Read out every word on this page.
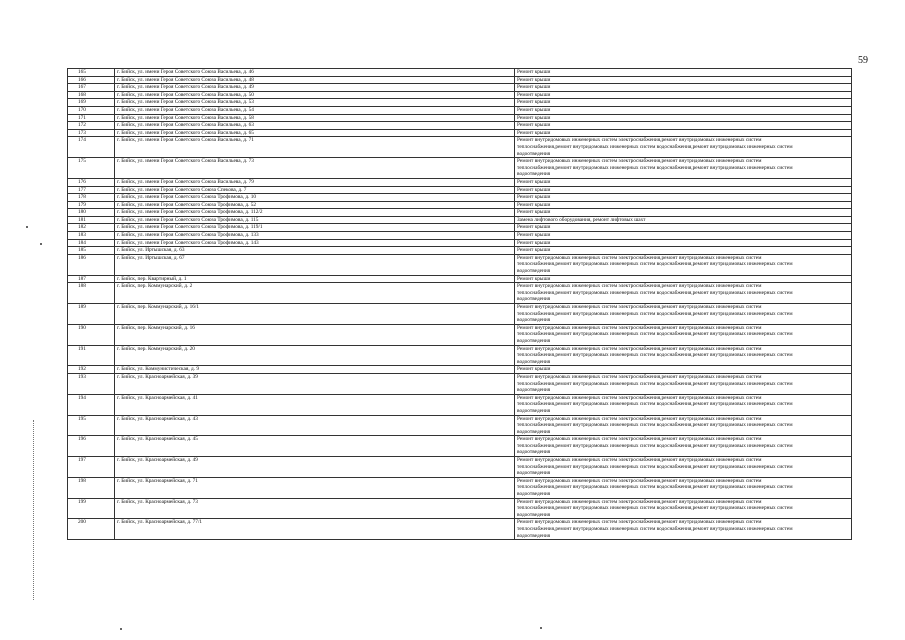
59
165	г. Бийск, ул. имени Героя Советского Союза Васильева, д. 46	Ремонт крыши

166	г. Бийск, ул. имени Героя Советского Союза Васильева, д. 48	Ремонт крыши

167	г. Бийск, ул. имени Героя Советского Союза Васильева, д. 49	Ремонт крыши

168	г. Бийск, ул. имени Героя Советского Союза Васильева, д. 50	Ремонт крыши

169	г. Бийск, ул. имени Героя Советского Союза Васильева, д. 53	Ремонт крыши

170	г. Бийск, ул. имени Героя Советского Союза Васильева, д. 54	Ремонт крыши

171	г. Бийск, ул. имени Героя Советского Союза Васильева, д. 58	Ремонт крыши

172	г. Бийск, ул. имени Героя Советского Союза Васильева, д. 63	Ремонт крыши

173	г. Бийск, ул. имени Героя Советского Союза Васильева, д. 65	Ремонт крыши

174	г. Бийск, ул. имени Героя Советского Союза Васильева, д. 71	Ремонт внутридомовых инженерных систем электроснабжения,ремонт внутридомовых инженерных систем
теплоснабжения,ремонт внутридомовых инженерных систем водоснабжения,ремонт внутридомовых инженерных систем
водоотведения

175	г. Бийск, ул. имени Героя Советского Союза Васильева, д. 73	Ремонт внутридомовых инженерных систем электроснабжения,ремонт внутридомовых инженерных систем
теплоснабжения,ремонт внутридомовых инженерных систем водоснабжения,ремонт внутридомовых инженерных систем
водоотведения

176	г. Бийск, ул. имени Героя Советского Союза Васильева, д. 79	Ремонт крыши

177	г. Бийск, ул. имени Героя Советского Союза Спекова, д. 7	Ремонт крыши

178	г. Бийск, ул. имени Героя Советского Союза Трофимова, д. 10	Ремонт крыши

179	г. Бийск, ул. имени Героя Советского Союза Трофимова, д. 52	Ремонт крыши

180	г. Бийск, ул. имени Героя Советского Союза Трофимова, д. 112/2	Ремонт крыши

181	г. Бийск, ул. имени Героя Советского Союза Трофимова, д. 115	Замена лифтового оборудования, ремонт лифтовых шахт

182	г. Бийск, ул. имени Героя Советского Союза Трофимова, д. 119/1	Ремонт крыши

183	г. Бийск, ул. имени Героя Советского Союза Трофимова, д. 133	Ремонт крыши

184	г. Бийск, ул. имени Героя Советского Союза Трофимова, д. 143	Ремонт крыши

185	г. Бийск, ул. Иртышская, д. 63	Ремонт крыши

186	г. Бийск, ул. Иртышская, д. 67	Ремонт внутридомовых инженерных систем электроснабжения,ремонт внутридомовых инженерных систем
теплоснабжения,ремонт внутридомовых инженерных систем водоснабжения,ремонт внутридомовых инженерных систем
водоотведения

187	г. Бийск, пер. Квартирный, д. 1	Ремонт крыши

188	г. Бийск, пер. Коммунарский, д. 2	Ремонт внутридомовых инженерных систем электроснабжения,ремонт внутридомовых инженерных систем
теплоснабжения,ремонт внутридомовых инженерных систем водоснабжения,ремонт внутридомовых инженерных систем
водоотведения

189	г. Бийск, пер. Коммунарский, д. 16/1	Ремонт внутридомовых инженерных систем электроснабжения,ремонт внутридомовых инженерных систем
теплоснабжения,ремонт внутридомовых инженерных систем водоснабжения,ремонт внутридомовых инженерных систем
водоотведения

190	г. Бийск, пер. Коммунарский, д. 16	Ремонт внутридомовых инженерных систем электроснабжения,ремонт внутридомовых инженерных систем
теплоснабжения,ремонт внутридомовых инженерных систем водоснабжения,ремонт внутридомовых инженерных систем
водоотведения

191	г. Бийск, пер. Коммунарский, д. 20	Ремонт внутридомовых инженерных систем электроснабжения,ремонт внутридомовых инженерных систем
теплоснабжения,ремонт внутридомовых инженерных систем водоснабжения,ремонт внутридомовых инженерных систем
водоотведения

192	г. Бийск, ул. Коммунистическая, д. 9	Ремонт крыши

193	г. Бийск, ул. Красноармейская, д. 39	Ремонт внутридомовых инженерных систем электроснабжения,ремонт внутридомовых инженерных систем
теплоснабжения,ремонт внутридомовых инженерных систем водоснабжения,ремонт внутридомовых инженерных систем
водоотведения

194	г. Бийск, ул. Красноармейская, д. 41	Ремонт внутридомовых инженерных систем электроснабжения,ремонт внутридомовых инженерных систем
теплоснабжения,ремонт внутридомовых инженерных систем водоснабжения,ремонт внутридомовых инженерных систем
водоотведения

195	г. Бийск, ул. Красноармейская, д. 43	Ремонт внутридомовых инженерных систем электроснабжения,ремонт внутридомовых инженерных систем
теплоснабжения,ремонт внутридомовых инженерных систем водоснабжения,ремонт внутридомовых инженерных систем
водоотведения

196	г. Бийск, ул. Красноармейская, д. 45	Ремонт внутридомовых инженерных систем электроснабжения,ремонт внутридомовых инженерных систем
теплоснабжения,ремонт внутридомовых инженерных систем водоснабжения,ремонт внутридомовых инженерных систем
водоотведения

197	г. Бийск, ул. Красноармейская, д. 49	Ремонт внутридомовых инженерных систем электроснабжения,ремонт внутридомовых инженерных систем
теплоснабжения,ремонт внутридомовых инженерных систем водоснабжения,ремонт внутридомовых инженерных систем
водоотведения

198	г. Бийск, ул. Красноармейская, д. 71	Ремонт внутридомовых инженерных систем электроснабжения,ремонт внутридомовых инженерных систем
теплоснабжения,ремонт внутридомовых инженерных систем водоснабжения,ремонт внутридомовых инженерных систем
водоотведения

199	г. Бийск, ул. Красноармейская, д. 73	Ремонт внутридомовых инженерных систем электроснабжения,ремонт внутридомовых инженерных систем
теплоснабжения,ремонт внутридомовых инженерных систем водоснабжения,ремонт внутридомовых инженерных систем
водоотведения

200	г. Бийск, ул. Красноармейская, д. 77/1	Ремонт внутридомовых инженерных систем электроснабжения,ремонт внутридомовых инженерных систем
теплоснабжения,ремонт внутридомовых инженерных систем водоснабжения,ремонт внутридомовых инженерных систем
водоотведения
